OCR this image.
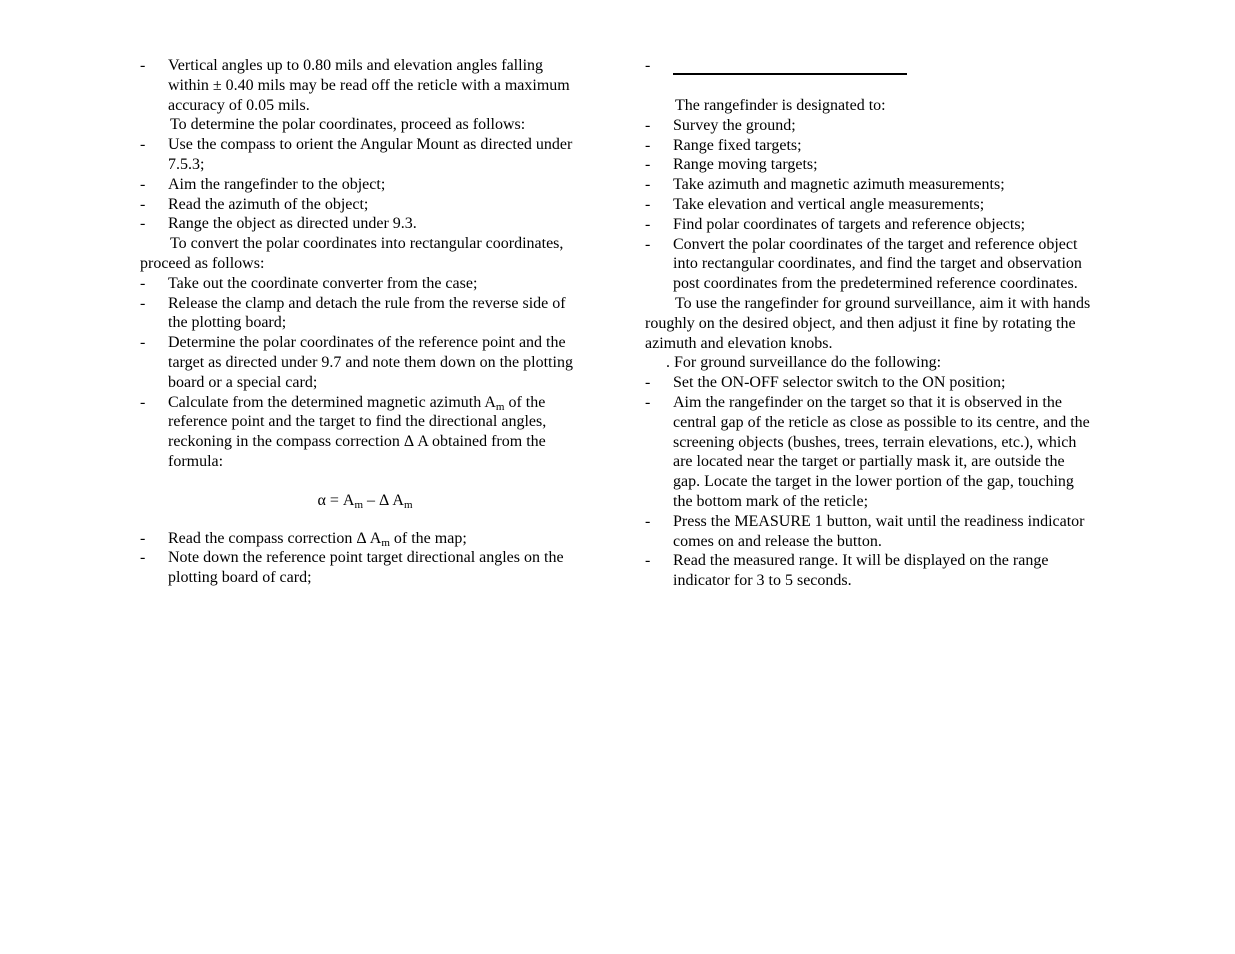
- Vertical angles up to 0.80 mils and elevation angles falling within ± 0.40 mils may be read off the reticle with a maximum accuracy of 0.05 mils.
To determine the polar coordinates, proceed as follows:
- Use the compass to orient the Angular Mount as directed under 7.5.3;
- Aim the rangefinder to the object;
- Read the azimuth of the object;
- Range the object as directed under 9.3.
To convert the polar coordinates into rectangular coordinates, proceed as follows:
- Take out the coordinate converter from the case;
- Release the clamp and detach the rule from the reverse side of the plotting board;
- Determine the polar coordinates of the reference point and the target as directed under 9.7 and note them down on the plotting board or a special card;
- Calculate from the determined magnetic azimuth $A_m$ of the reference point and the target to find the directional angles, reckoning in the compass correction Δ A obtained from the formula:
$\alpha = A_m - \Delta$ $A_m$
- Read the compass correction Δ $A_m$ of the map;
- Note down the reference point target directional angles on the plotting board of card;
-
The rangefinder is designated to:
- Survey the ground;
- Range fixed targets;
- Range moving targets;
- Take azimuth and magnetic azimuth measurements;
- Take elevation and vertical angle measurements;
- Find polar coordinates of targets and reference objects;
- Convert the polar coordinates of the target and reference object into rectangular coordinates, and find the target and observation post coordinates from the predetermined reference coordinates.
To use the rangefinder for ground surveillance, aim it with hands roughly on the desired object, and then adjust it fine by rotating the azimuth and elevation knobs.
. For ground surveillance do the following:
- Set the ON-OFF selector switch to the ON position;
- Aim the rangefinder on the target so that it is observed in the central gap of the reticle as close as possible to its centre, and the screening objects (bushes, trees, terrain elevations, etc.), which are located near the target or partially mask it, are outside the gap. Locate the target in the lower portion of the gap, touching the bottom mark of the reticle;
- Press the MEASURE 1 button, wait until the readiness indicator comes on and release the button.
- Read the measured range. It will be displayed on the range indicator for 3 to 5 seconds.
